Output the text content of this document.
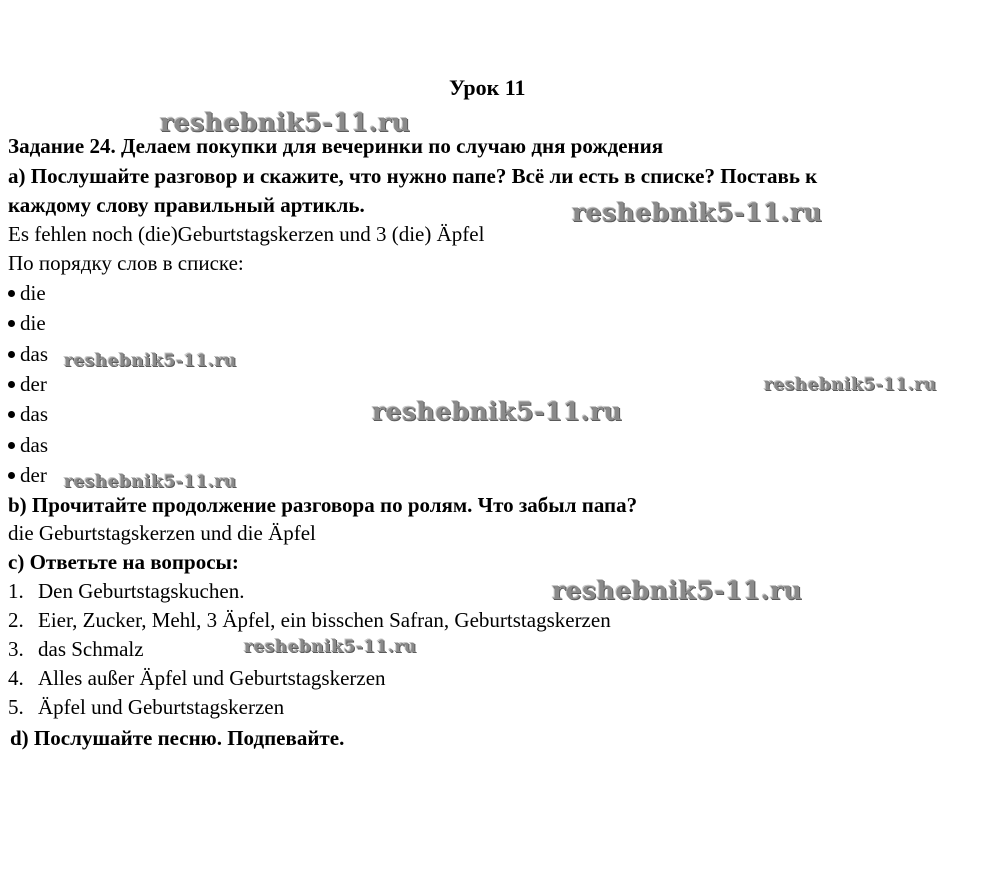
Урок 11
Задание 24. Делаем покупки для вечеринки по случаю дня рождения
a) Послушайте разговор и скажите, что нужно папе? Всё ли есть в списке? Поставь к
каждому слову правильный артикль.
Es fehlen noch (die)Geburtstagskerzen und 3 (die) Äpfel
По порядку слов в списке:
die
die
das
der
das
das
der
b) Прочитайте продолжение разговора по ролям. Что забыл папа?
die Geburtstagskerzen und die Äpfel
c) Ответьте на вопросы:
1. Den Geburtstagskuchen.
2. Eier, Zucker, Mehl, 3 Äpfel, ein bisschen Safran, Geburtstagskerzen
3. das Schmalz
4. Alles außer Äpfel und Geburtstagskerzen
5. Äpfel und Geburtstagskerzen
d) Послушайте песню. Подпевайте.
reshebnik5-11.ru
reshebnik5-11.ru
reshebnik5-11.ru
reshebnik5-11.ru
reshebnik5-11.ru
reshebnik5-11.ru
reshebnik5-11.ru
reshebnik5-11.ru
